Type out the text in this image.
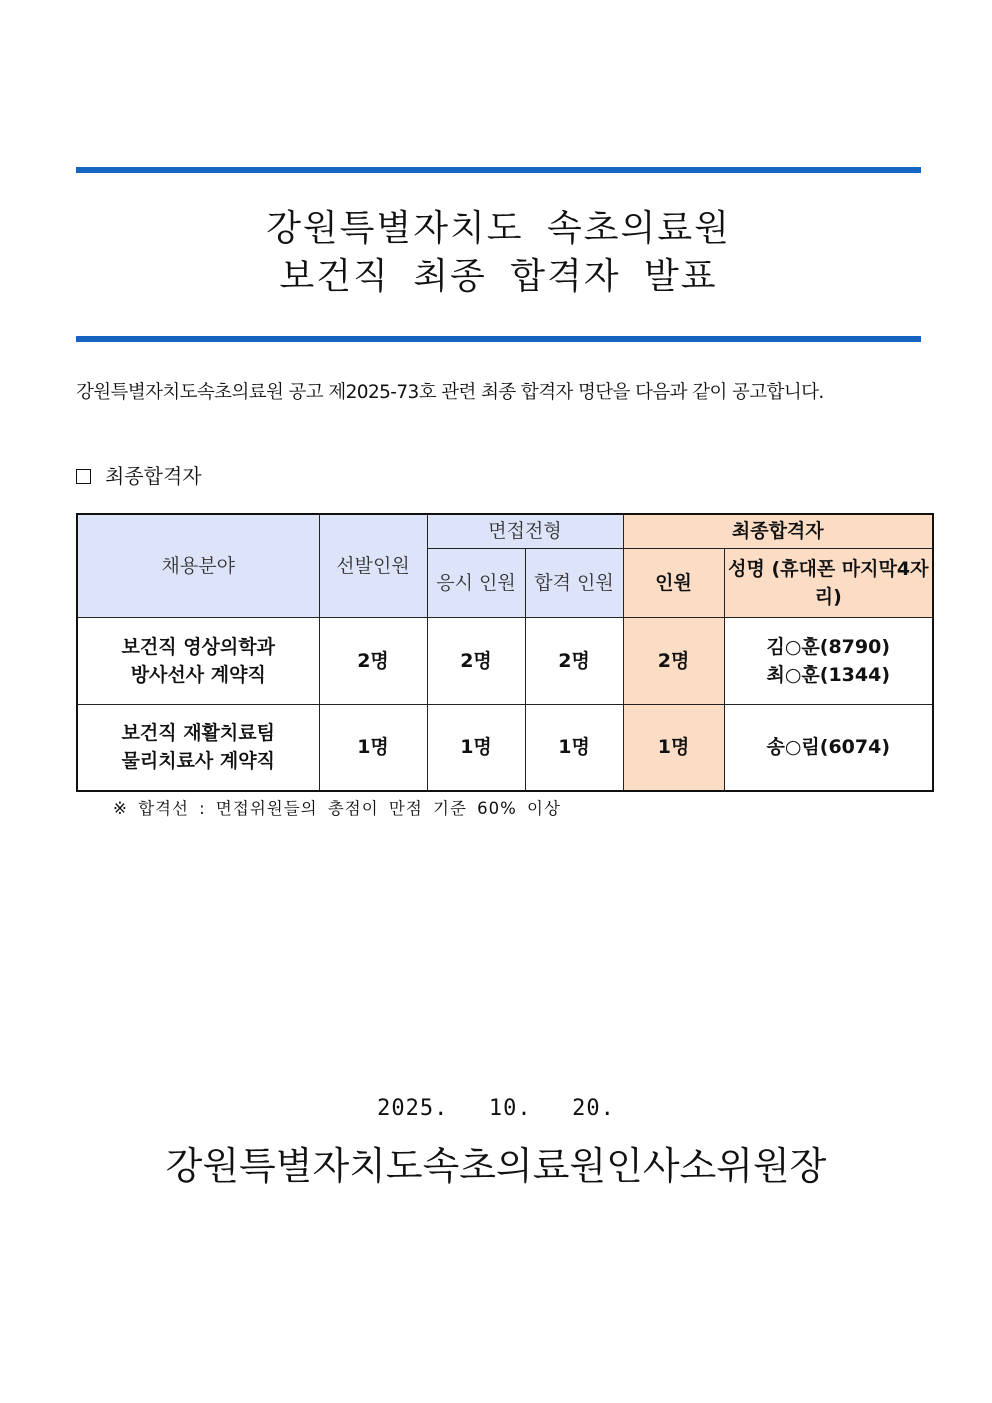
강원특별자치도 속초의료원
보건직 최종 합격자 발표
강원특별자치도속초의료원 공고 제2025-73호 관련 최종 합격자 명단을 다음과 같이 공고합니다.
최종합격자
채용분야	선발인원	면접전형		최종합격자	
		응시 인원	합격 인원	인원	성명 (휴대폰 마지막4자리)

보건직 영상의학과
방사선사 계약직	2명	2명	2명	2명	김○훈(8790)
최○훈(1344)

보건직 재활치료팀
물리치료사 계약직	1명	1명	1명	1명	송○림(6074)
※ 합격선 : 면접위원들의 총점이 만점 기준 60% 이상
2025.  10.  20.
강원특별자치도속초의료원인사소위원장
